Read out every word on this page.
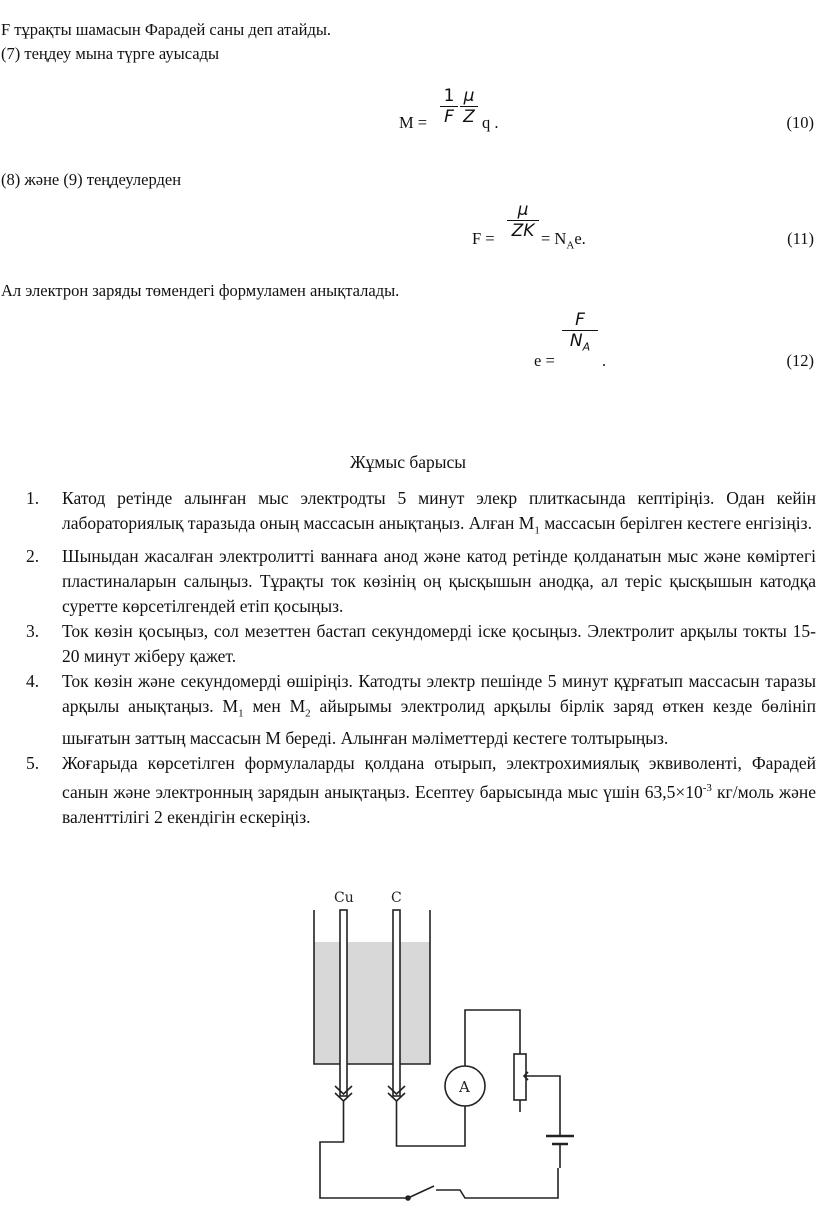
F тұрақты шамасын Фарадей саны деп атайды.
(7) теңдеу мына түрге ауысады
M =
1
F
μ
Z q .	(10)
(8) және (9) теңдеулерден
F =
μ
ZK = $N_Ae$.	(11)
Ал электрон заряды төмендегі формуламен анықталады.
e =
F
$N_A$
.	(12)
Жұмыс барысы
1. Катод ретінде алынған мыс электродты 5 минут элекр плиткасында кептіріңіз. Одан кейін лабораториялық таразыда оның массасын анықтаңыз. Алған $М_1$ массасын берілген кестеге енгізіңіз.
2. Шыныдан жасалған электролитті ваннаға анод және катод ретінде қолданатын мыс және көміртегі пластиналарын салыңыз. Тұрақты ток көзінің оң қысқышын анодқа, ал теріс қысқышын катодқа суретте көрсетілгендей етіп қосыңыз.
3. Ток көзін қосыңыз, сол мезеттен бастап секундомерді іске қосыңыз. Электролит арқылы токты 15-20 минут жіберу қажет.
4. Ток көзін және секундомерді өшіріңіз. Катодты электр пешінде 5 минут құрғатып массасын таразы арқылы анықтаңыз. $М_1$ мен $М_2$ айырымы электролид арқылы бірлік заряд өткен кезде бөлініп шығатын заттың массасын М береді. Алынған мәліметтерді кестеге толтырыңыз.
5. Жоғарыда көрсетілген формулаларды қолдана отырып, электрохимиялық эквиволенті, Фарадей санын және электронның зарядын анықтаңыз. Есептеу барысында мыс үшін $63,5\times 10^{-3}$ кг/моль және валенттілігі 2 екендігін ескеріңіз.
Cu	C
A
